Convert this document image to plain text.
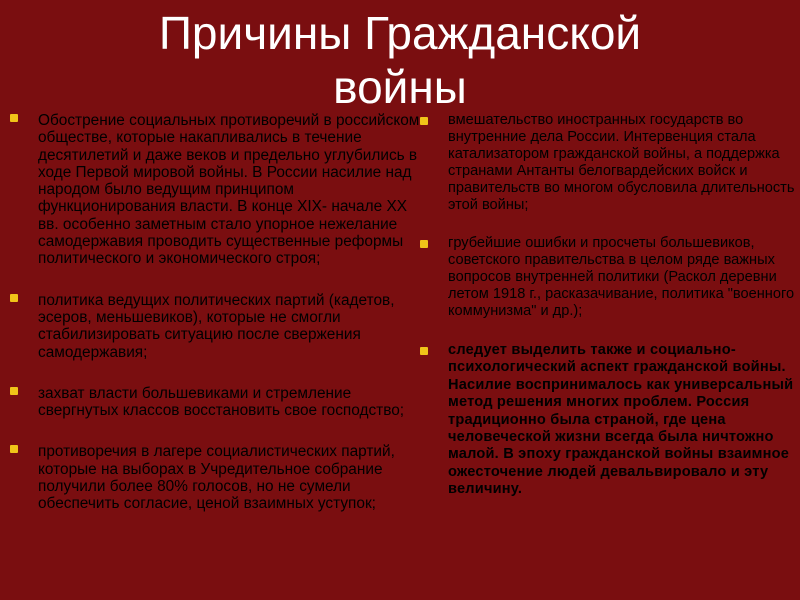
Причины Гражданской
войны
Обострение социальных противоречий в российском обществе, которые накапливались в течение десятилетий и даже веков и предельно углубились в ходе Первой мировой войны. В России насилие над народом было ведущим принципом функционирования власти. В конце XIX- начале XX вв. особенно заметным стало упорное нежелание самодержавия проводить существенные реформы политического и экономического строя;
политика ведущих политических партий (кадетов, эсеров, меньшевиков), которые не смогли стабилизировать ситуацию после свержения самодержавия;
захват власти большевиками и стремление свергнутых классов восстановить свое господство;
противоречия в лагере социалистических партий, которые на выборах в Учредительное собрание получили более 80% голосов, но не сумели обеспечить согласие, ценой взаимных уступок;
вмешательство иностранных государств во внутренние дела России. Интервенция стала катализатором гражданской войны, а поддержка странами Антанты белогвардейских войск и правительств во многом обусловила длительность этой войны;
грубейшие ошибки и просчеты большевиков, советского правительства в целом ряде важных вопросов внутренней политики (Раскол деревни летом 1918 г., расказачивание, политика "военного коммунизма" и др.);
следует выделить также и социально-психологический аспект гражданской войны. Насилие воспринималось как универсальный метод решения многих проблем. Россия традиционно была страной, где цена человеческой жизни всегда была ничтожно малой. В эпоху гражданской войны взаимное ожесточение людей девальвировало и эту величину.
